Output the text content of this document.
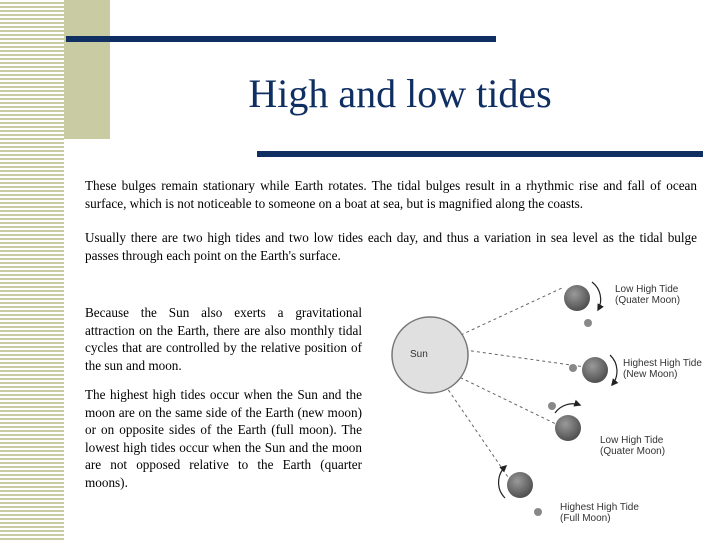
High and low tides

These bulges remain stationary while Earth rotates. The tidal bulges result in a rhythmic rise and fall of ocean surface, which is not noticeable to someone on a boat at sea, but is magnified along the coasts.

Usually there are two high tides and two low tides each day, and thus a variation in sea level as the tidal bulge passes through each point on the Earth's surface.

Because the Sun also exerts a gravitational attraction on the Earth, there are also monthly tidal cycles that are controlled by the relative position of the sun and moon.

The highest high tides occur when the Sun and the moon are on the same side of the Earth (new moon) or on opposite sides of the Earth (full moon). The lowest high tides occur when the Sun and the moon are not opposed relative to the Earth (quarter moons).

Sun
Low High Tide
(Quater Moon)
Highest High Tide
(New Moon)
Low High Tide
(Quater Moon)
Highest High Tide
(Full Moon)
